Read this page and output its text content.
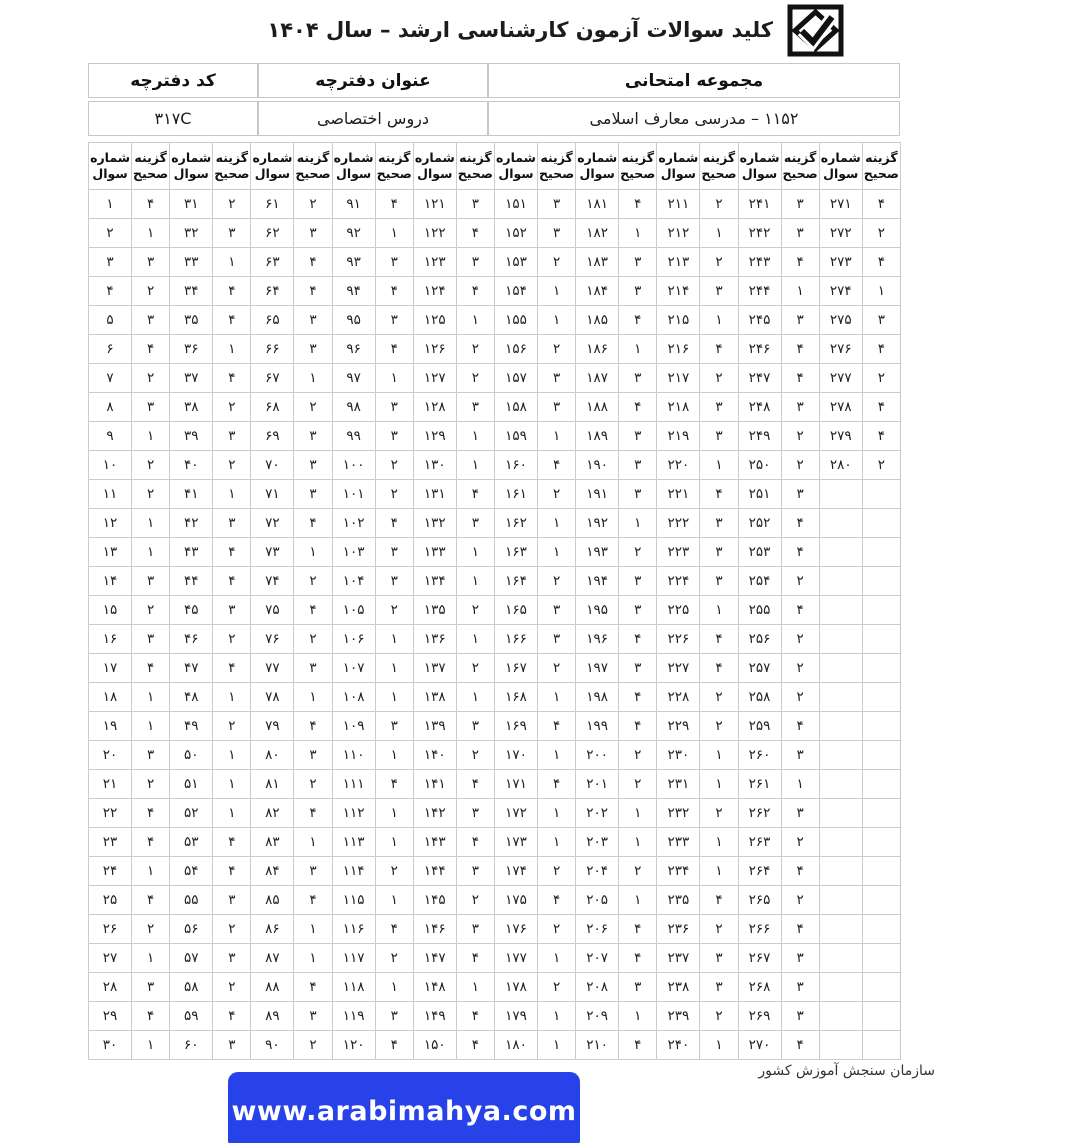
کلید سوالات آزمون کارشناسی ارشد – سال ۱۴۰۴
مجموعه امتحانی	عنوان دفترچه	کد دفترچه
۱۱۵۲ – مدرسی معارف اسلامی	دروس اختصاصی	۳۱۷C
شماره
سوال	گزینه
صحیح	شماره
سوال	گزینه
صحیح	شماره
سوال	گزینه
صحیح	شماره
سوال	گزینه
صحیح	شماره
سوال	گزینه
صحیح	شماره
سوال	گزینه
صحیح	شماره
سوال	گزینه
صحیح	شماره
سوال	گزینه
صحیح	شماره
سوال	گزینه
صحیح	شماره
سوال	گزینه
صحیح

۱	۴	۳۱	۲	۶۱	۲	۹۱	۴	۱۲۱	۳	۱۵۱	۳	۱۸۱	۴	۲۱۱	۲	۲۴۱	۳	۲۷۱	۴
۲	۱	۳۲	۳	۶۲	۳	۹۲	۱	۱۲۲	۴	۱۵۲	۳	۱۸۲	۱	۲۱۲	۱	۲۴۲	۳	۲۷۲	۲
۳	۳	۳۳	۱	۶۳	۴	۹۳	۳	۱۲۳	۳	۱۵۳	۲	۱۸۳	۳	۲۱۳	۲	۲۴۳	۴	۲۷۳	۴
۴	۲	۳۴	۴	۶۴	۴	۹۴	۴	۱۲۴	۴	۱۵۴	۱	۱۸۴	۳	۲۱۴	۳	۲۴۴	۱	۲۷۴	۱
۵	۳	۳۵	۴	۶۵	۳	۹۵	۳	۱۲۵	۱	۱۵۵	۱	۱۸۵	۴	۲۱۵	۱	۲۴۵	۳	۲۷۵	۳
۶	۴	۳۶	۱	۶۶	۳	۹۶	۴	۱۲۶	۲	۱۵۶	۲	۱۸۶	۱	۲۱۶	۴	۲۴۶	۴	۲۷۶	۴
۷	۲	۳۷	۴	۶۷	۱	۹۷	۱	۱۲۷	۲	۱۵۷	۳	۱۸۷	۳	۲۱۷	۲	۲۴۷	۴	۲۷۷	۲
۸	۳	۳۸	۲	۶۸	۲	۹۸	۳	۱۲۸	۳	۱۵۸	۳	۱۸۸	۴	۲۱۸	۳	۲۴۸	۳	۲۷۸	۴
۹	۱	۳۹	۳	۶۹	۳	۹۹	۳	۱۲۹	۱	۱۵۹	۱	۱۸۹	۳	۲۱۹	۳	۲۴۹	۲	۲۷۹	۴
۱۰	۲	۴۰	۲	۷۰	۳	۱۰۰	۲	۱۳۰	۱	۱۶۰	۴	۱۹۰	۳	۲۲۰	۱	۲۵۰	۲	۲۸۰	۲
۱۱	۲	۴۱	۱	۷۱	۳	۱۰۱	۲	۱۳۱	۴	۱۶۱	۲	۱۹۱	۳	۲۲۱	۴	۲۵۱	۳		
۱۲	۱	۴۲	۳	۷۲	۴	۱۰۲	۴	۱۳۲	۳	۱۶۲	۱	۱۹۲	۱	۲۲۲	۳	۲۵۲	۴		
۱۳	۱	۴۳	۴	۷۳	۱	۱۰۳	۳	۱۳۳	۱	۱۶۳	۱	۱۹۳	۲	۲۲۳	۳	۲۵۳	۴		
۱۴	۳	۴۴	۴	۷۴	۲	۱۰۴	۳	۱۳۴	۱	۱۶۴	۲	۱۹۴	۳	۲۲۴	۳	۲۵۴	۲		
۱۵	۲	۴۵	۳	۷۵	۴	۱۰۵	۲	۱۳۵	۲	۱۶۵	۳	۱۹۵	۳	۲۲۵	۱	۲۵۵	۴		
۱۶	۳	۴۶	۲	۷۶	۲	۱۰۶	۱	۱۳۶	۱	۱۶۶	۳	۱۹۶	۴	۲۲۶	۴	۲۵۶	۲		
۱۷	۴	۴۷	۴	۷۷	۳	۱۰۷	۱	۱۳۷	۲	۱۶۷	۲	۱۹۷	۳	۲۲۷	۴	۲۵۷	۲		
۱۸	۱	۴۸	۱	۷۸	۱	۱۰۸	۱	۱۳۸	۱	۱۶۸	۱	۱۹۸	۴	۲۲۸	۲	۲۵۸	۲		
۱۹	۱	۴۹	۲	۷۹	۴	۱۰۹	۳	۱۳۹	۳	۱۶۹	۴	۱۹۹	۴	۲۲۹	۲	۲۵۹	۴		
۲۰	۳	۵۰	۱	۸۰	۳	۱۱۰	۱	۱۴۰	۲	۱۷۰	۱	۲۰۰	۲	۲۳۰	۱	۲۶۰	۳		
۲۱	۲	۵۱	۱	۸۱	۲	۱۱۱	۴	۱۴۱	۴	۱۷۱	۴	۲۰۱	۲	۲۳۱	۱	۲۶۱	۱		
۲۲	۴	۵۲	۱	۸۲	۴	۱۱۲	۱	۱۴۲	۳	۱۷۲	۱	۲۰۲	۱	۲۳۲	۲	۲۶۲	۳		
۲۳	۴	۵۳	۴	۸۳	۱	۱۱۳	۱	۱۴۳	۴	۱۷۳	۱	۲۰۳	۱	۲۳۳	۱	۲۶۳	۲		
۲۴	۱	۵۴	۴	۸۴	۳	۱۱۴	۲	۱۴۴	۳	۱۷۴	۲	۲۰۴	۲	۲۳۴	۱	۲۶۴	۴		
۲۵	۴	۵۵	۳	۸۵	۴	۱۱۵	۱	۱۴۵	۲	۱۷۵	۴	۲۰۵	۱	۲۳۵	۴	۲۶۵	۲		
۲۶	۲	۵۶	۲	۸۶	۱	۱۱۶	۴	۱۴۶	۳	۱۷۶	۲	۲۰۶	۴	۲۳۶	۲	۲۶۶	۴		
۲۷	۱	۵۷	۳	۸۷	۱	۱۱۷	۲	۱۴۷	۴	۱۷۷	۱	۲۰۷	۴	۲۳۷	۳	۲۶۷	۳		
۲۸	۳	۵۸	۲	۸۸	۴	۱۱۸	۱	۱۴۸	۱	۱۷۸	۲	۲۰۸	۳	۲۳۸	۳	۲۶۸	۳		
۲۹	۴	۵۹	۴	۸۹	۳	۱۱۹	۳	۱۴۹	۴	۱۷۹	۱	۲۰۹	۱	۲۳۹	۲	۲۶۹	۳		
۳۰	۱	۶۰	۳	۹۰	۲	۱۲۰	۴	۱۵۰	۴	۱۸۰	۱	۲۱۰	۴	۲۴۰	۱	۲۷۰	۴		
سازمان سنجش آموزش کشور
www.arabimahya.com
